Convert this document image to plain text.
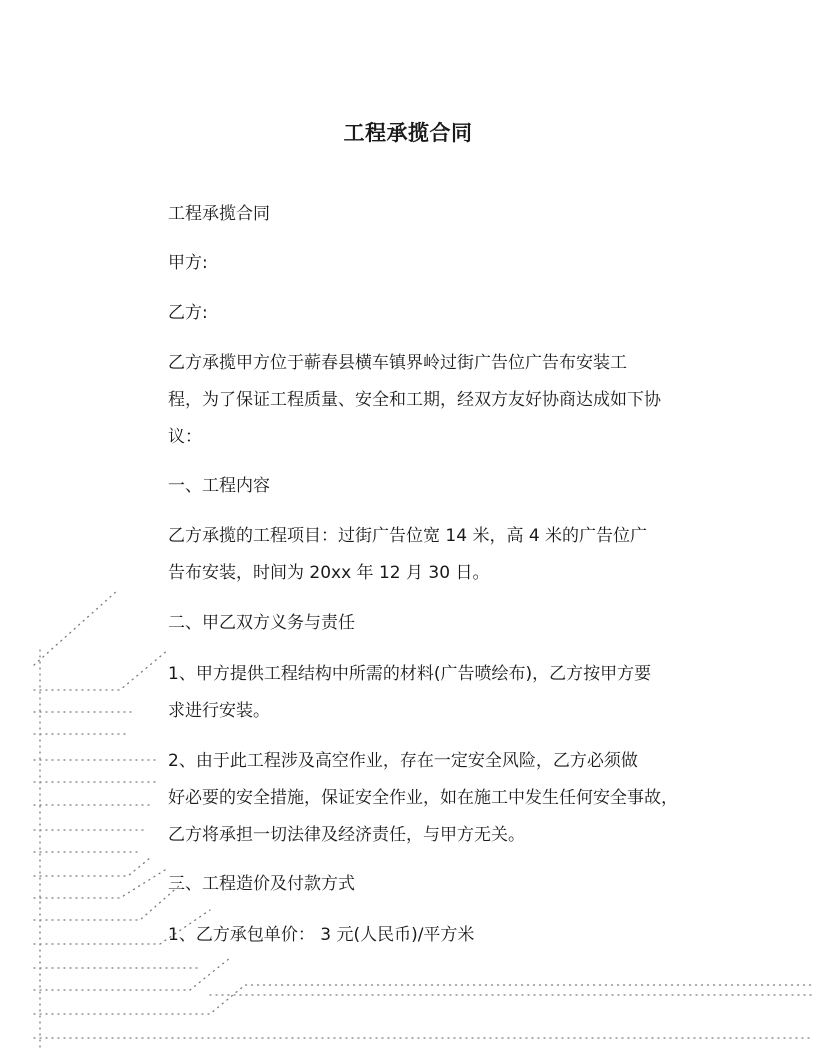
工程承揽合同
工程承揽合同
甲方:
乙方:
乙方承揽甲方位于蕲春县横车镇界岭过街广告位广告布安装工
程，为了保证工程质量、安全和工期，经双方友好协商达成如下协
议：
一、工程内容
乙方承揽的工程项目：过街广告位宽 14 米，高 4 米的广告位广
告布安装，时间为 20xx 年 12 月 30 日。
二、甲乙双方义务与责任
1、甲方提供工程结构中所需的材料(广告喷绘布)，乙方按甲方要
求进行安装。
2、由于此工程涉及高空作业，存在一定安全风险，乙方必须做
好必要的安全措施，保证安全作业，如在施工中发生任何安全事故，
乙方将承担一切法律及经济责任，与甲方无关。
三、工程造价及付款方式
1、乙方承包单价： 3 元(人民币)/平方米
